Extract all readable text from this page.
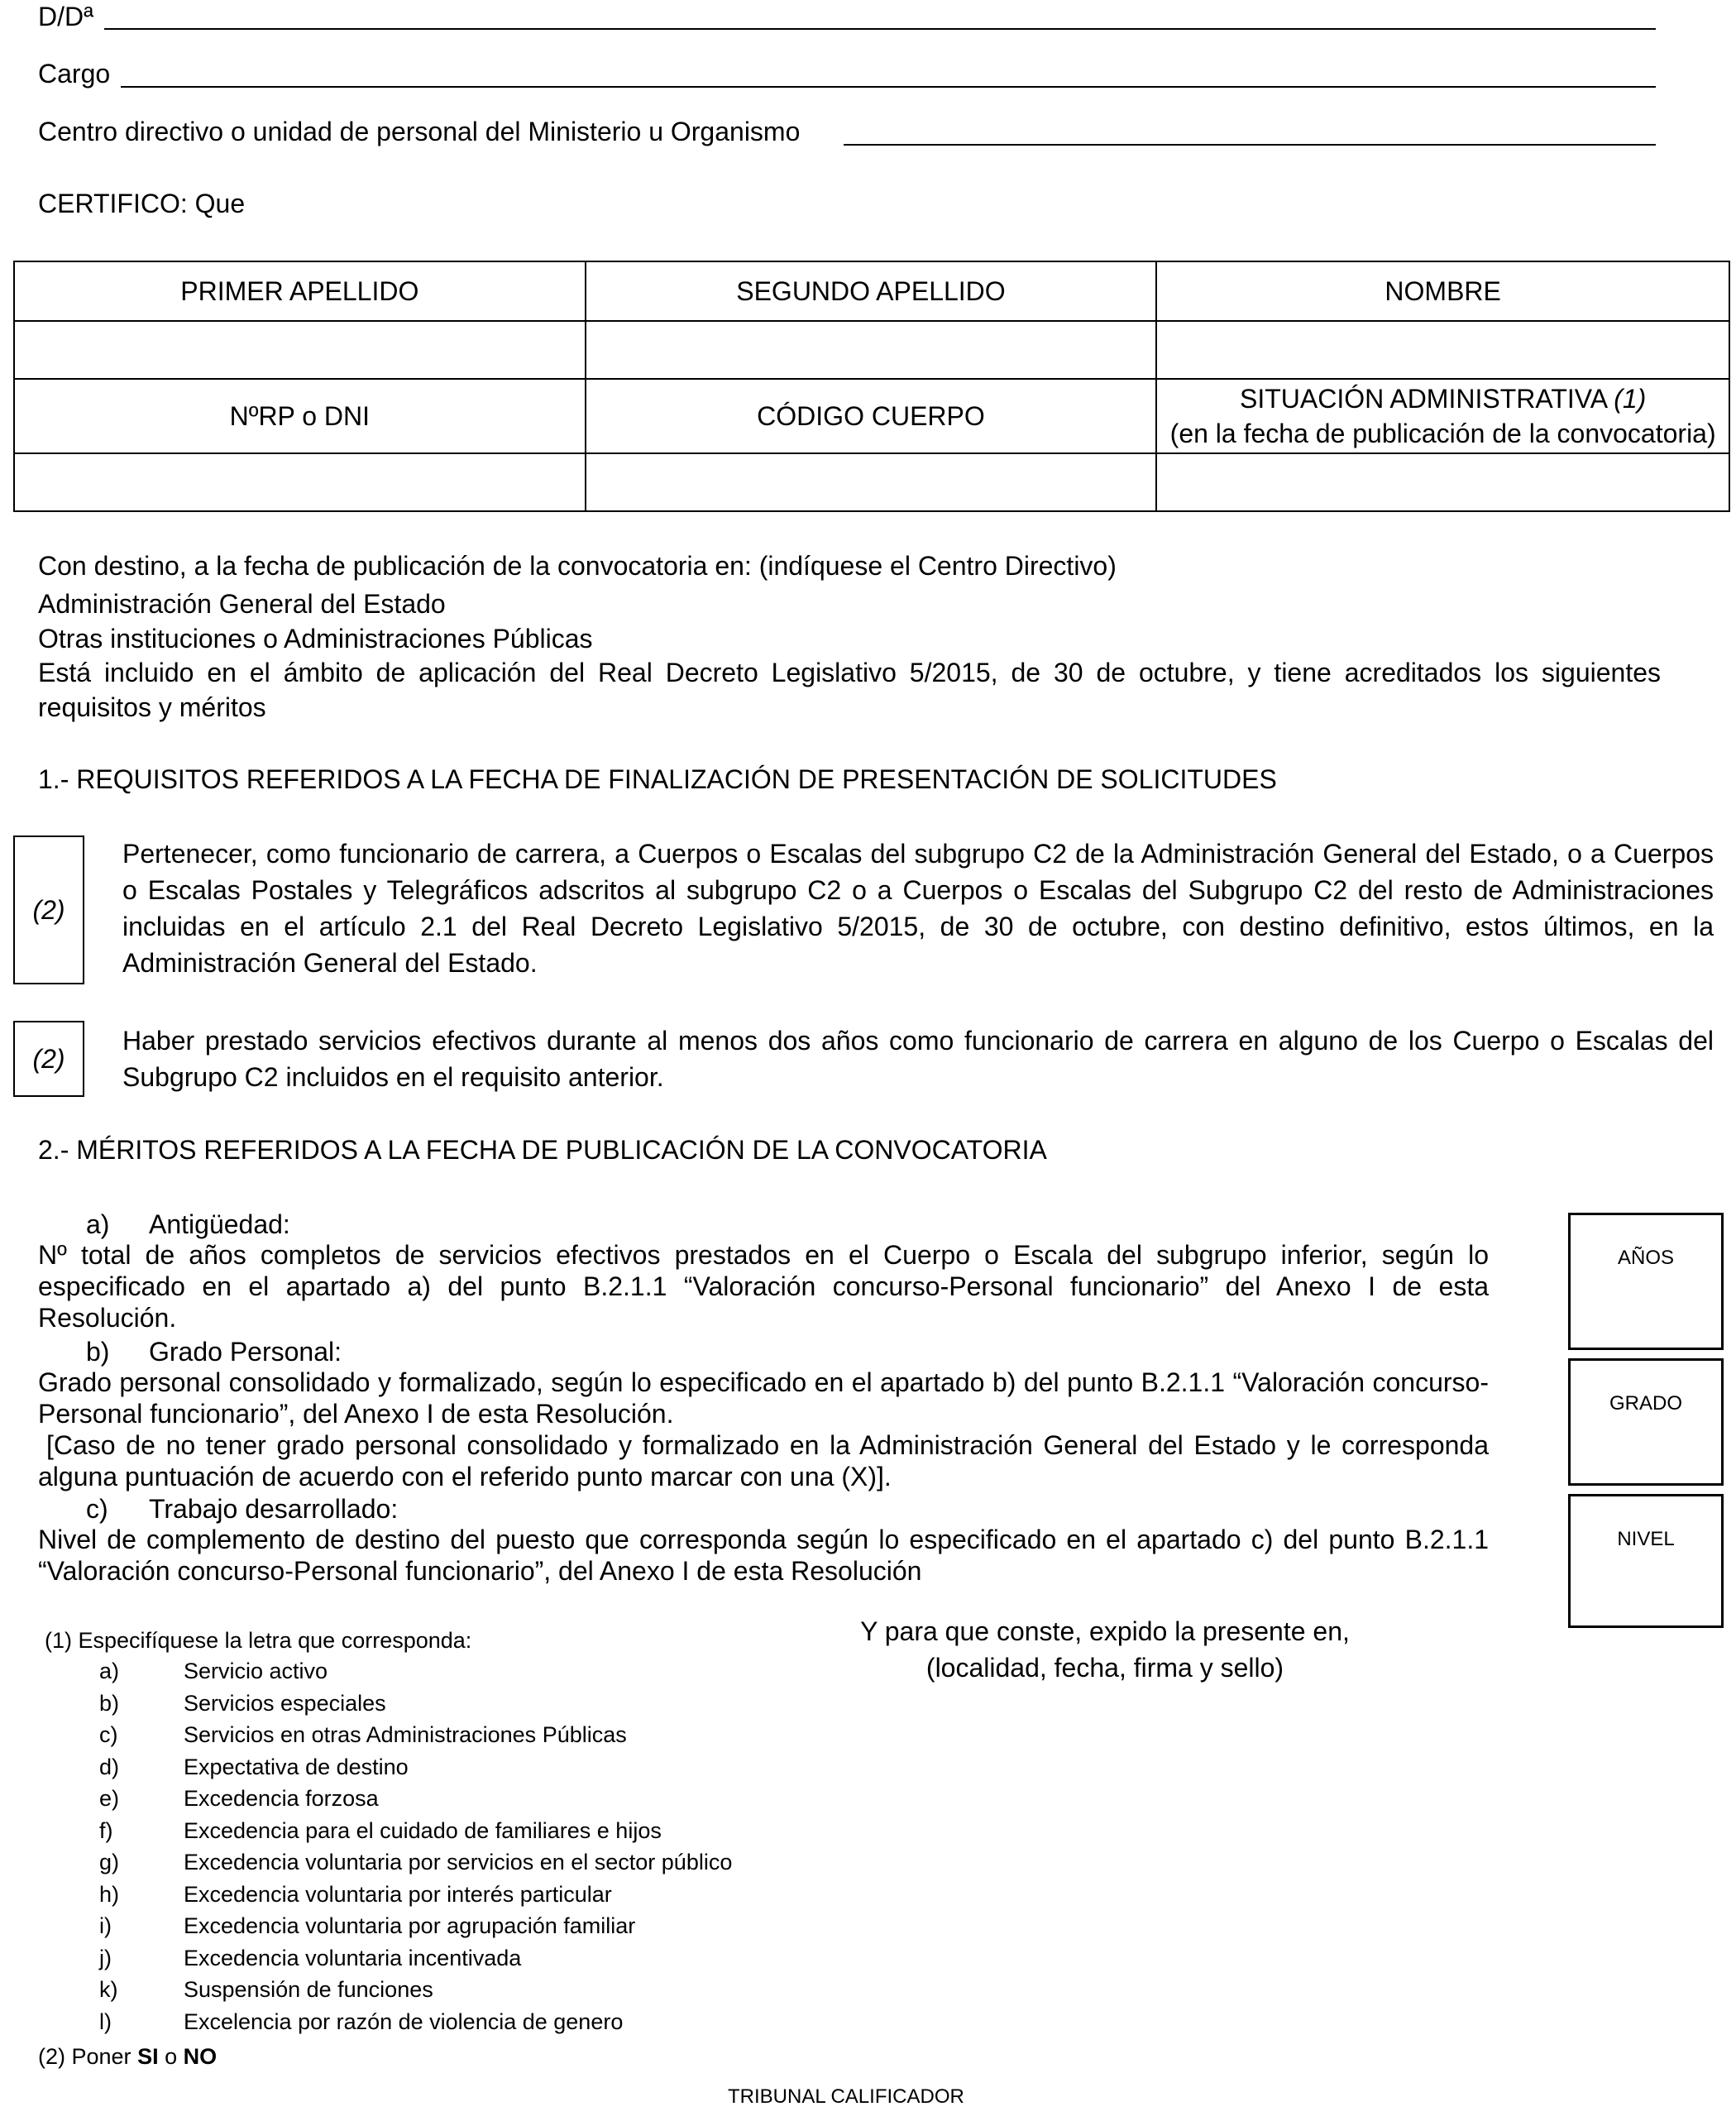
D/Dª
Cargo
Centro directivo o unidad de personal del Ministerio u Organismo
CERTIFICO: Que
PRIMER APELLIDO	SEGUNDO APELLIDO	NOMBRE

NºRP o DNI	CÓDIGO CUERPO	SITUACIÓN ADMINISTRATIVA (1)
(en la fecha de publicación de la convocatoria)

Con destino, a la fecha de publicación de la convocatoria en: (indíquese el Centro Directivo)
Administración General del Estado
Otras instituciones o Administraciones Públicas
Está incluido en el ámbito de aplicación del Real Decreto Legislativo 5/2015, de 30 de octubre, y tiene acreditados los siguientes requisitos y méritos
1.- REQUISITOS REFERIDOS A LA FECHA DE FINALIZACIÓN DE PRESENTACIÓN DE SOLICITUDES
(2)
Pertenecer, como funcionario de carrera, a Cuerpos o Escalas del subgrupo C2 de la Administración General del Estado, o a Cuerpos o Escalas Postales y Telegráficos adscritos al subgrupo C2 o a Cuerpos o Escalas del Subgrupo C2 del resto de Administraciones incluidas en el artículo 2.1 del Real Decreto Legislativo 5/2015, de 30 de octubre, con destino definitivo, estos últimos, en la Administración General del Estado.
(2)
Haber prestado servicios efectivos durante al menos dos años como funcionario de carrera en alguno de los Cuerpo o Escalas del Subgrupo C2 incluidos en el requisito anterior.
2.- MÉRITOS REFERIDOS A LA FECHA DE PUBLICACIÓN DE LA CONVOCATORIA
a) Antigüedad:
Nº total de años completos de servicios efectivos prestados en el Cuerpo o Escala del subgrupo inferior, según lo especificado en el apartado a) del punto B.2.1.1 “Valoración concurso-Personal funcionario” del Anexo I de esta Resolución.
b) Grado Personal:
Grado personal consolidado y formalizado, según lo especificado en el apartado b) del punto B.2.1.1 “Valoración concurso-Personal funcionario”, del Anexo I de esta Resolución.
[Caso de no tener grado personal consolidado y formalizado en la Administración General del Estado y le corresponda alguna puntuación de acuerdo con el referido punto marcar con una (X)].
c) Trabajo desarrollado:
Nivel de complemento de destino del puesto que corresponda según lo especificado en el apartado c) del punto B.2.1.1 “Valoración concurso-Personal funcionario”, del Anexo I de esta Resolución
AÑOS
GRADO
NIVEL
(1) Especifíquese la letra que corresponda:
a)	Servicio activo
b)	Servicios especiales
c)	Servicios en otras Administraciones Públicas
d)	Expectativa de destino
e)	Excedencia forzosa
f)	Excedencia para el cuidado de familiares e hijos
g)	Excedencia voluntaria por servicios en el sector público
h)	Excedencia voluntaria por interés particular
i)	Excedencia voluntaria por agrupación familiar
j)	Excedencia voluntaria incentivada
k)	Suspensión de funciones
l)	Excelencia por razón de violencia de genero
(2) Poner SI o NO
Y para que conste, expido la presente en,
(localidad, fecha, firma y sello)
TRIBUNAL CALIFICADOR
